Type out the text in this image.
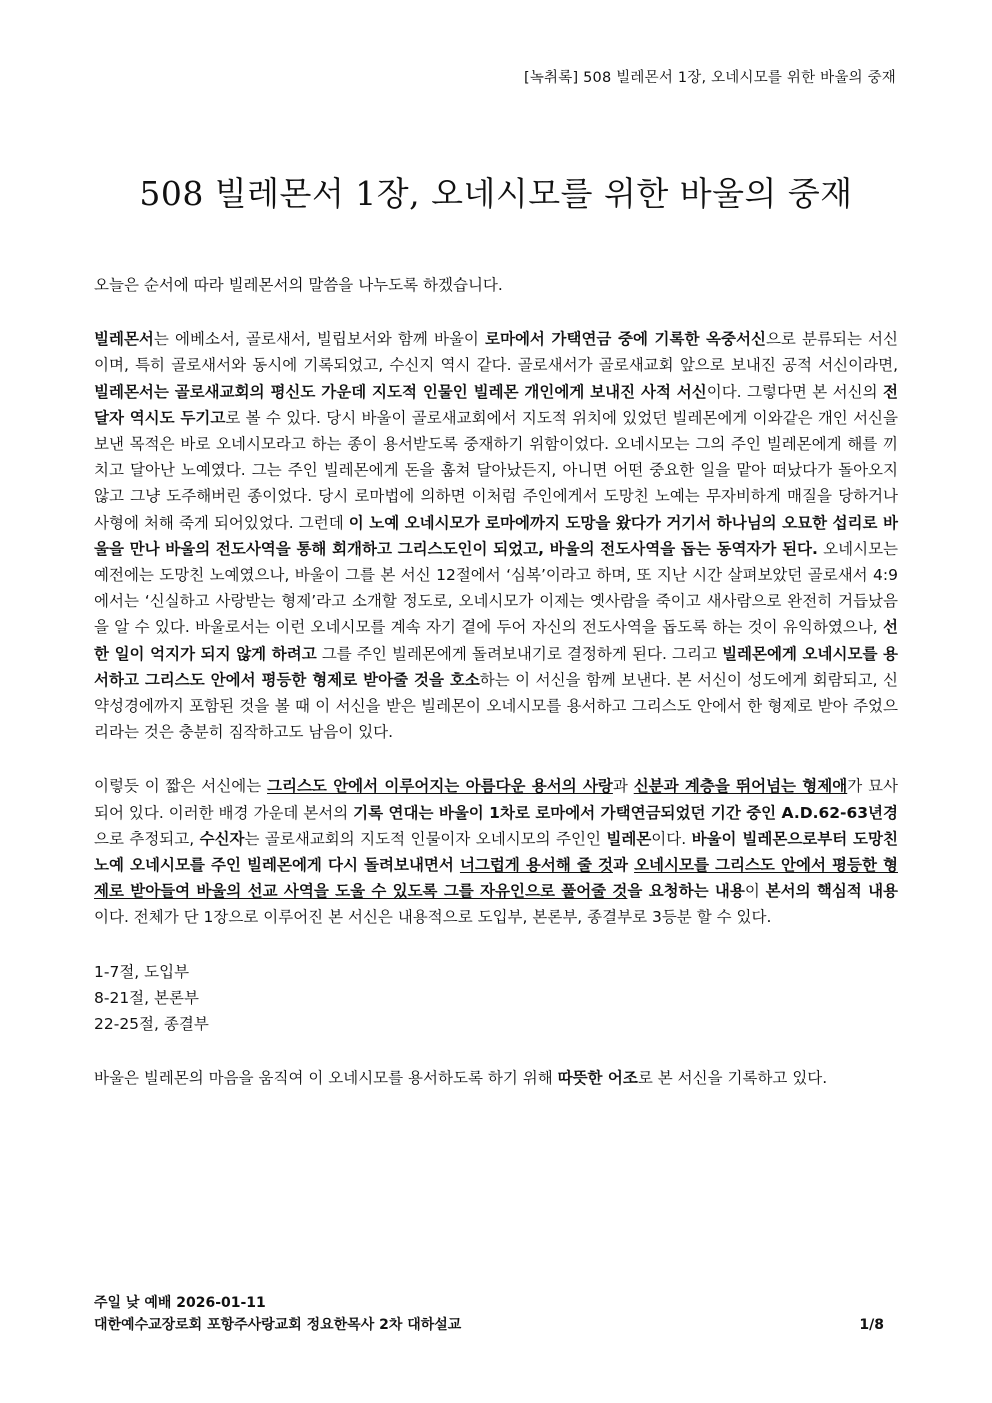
[녹취록] 508 빌레몬서 1장, 오네시모를 위한 바울의 중재
508 빌레몬서 1장, 오네시모를 위한 바울의 중재

오늘은 순서에 따라 빌레몬서의 말씀을 나누도록 하겠습니다.

빌레몬서는 에베소서, 골로새서, 빌립보서와 함께 바울이 로마에서 가택연금 중에 기록한 옥중서신으로 분류되는 서신이며, 특히 골로새서와 동시에 기록되었고, 수신지 역시 같다. 골로새서가 골로새교회 앞으로 보내진 공적 서신이라면, 빌레몬서는 골로새교회의 평신도 가운데 지도적 인물인 빌레몬 개인에게 보내진 사적 서신이다. 그렇다면 본 서신의 전달자 역시도 두기고로 볼 수 있다. 당시 바울이 골로새교회에서 지도적 위치에 있었던 빌레몬에게 이와같은 개인 서신을 보낸 목적은 바로 오네시모라고 하는 종이 용서받도록 중재하기 위함이었다. 오네시모는 그의 주인 빌레몬에게 해를 끼치고 달아난 노예였다. 그는 주인 빌레몬에게 돈을 훔쳐 달아났든지, 아니면 어떤 중요한 일을 맡아 떠났다가 돌아오지 않고 그냥 도주해버린 종이었다. 당시 로마법에 의하면 이처럼 주인에게서 도망친 노예는 무자비하게 매질을 당하거나 사형에 처해 죽게 되어있었다. 그런데 이 노예 오네시모가 로마에까지 도망을 왔다가 거기서 하나님의 오묘한 섭리로 바울을 만나 바울의 전도사역을 통해 회개하고 그리스도인이 되었고, 바울의 전도사역을 돕는 동역자가 된다. 오네시모는 예전에는 도망친 노예였으나, 바울이 그를 본 서신 12절에서 ‘심복’이라고 하며, 또 지난 시간 살펴보았던 골로새서 4:9에서는 ‘신실하고 사랑받는 형제’라고 소개할 정도로, 오네시모가 이제는 옛사람을 죽이고 새사람으로 완전히 거듭났음을 알 수 있다. 바울로서는 이런 오네시모를 계속 자기 곁에 두어 자신의 전도사역을 돕도록 하는 것이 유익하였으나, 선한 일이 억지가 되지 않게 하려고 그를 주인 빌레몬에게 돌려보내기로 결정하게 된다. 그리고 빌레몬에게 오네시모를 용서하고 그리스도 안에서 평등한 형제로 받아줄 것을 호소하는 이 서신을 함께 보낸다. 본 서신이 성도에게 회람되고, 신약성경에까지 포함된 것을 볼 때 이 서신을 받은 빌레몬이 오네시모를 용서하고 그리스도 안에서 한 형제로 받아 주었으리라는 것은 충분히 짐작하고도 남음이 있다.

이렇듯 이 짧은 서신에는 그리스도 안에서 이루어지는 아름다운 용서의 사랑과 신분과 계층을 뛰어넘는 형제애가 묘사되어 있다. 이러한 배경 가운데 본서의 기록 연대는 바울이 1차로 로마에서 가택연금되었던 기간 중인 A.D.62-63년경으로 추정되고, 수신자는 골로새교회의 지도적 인물이자 오네시모의 주인인 빌레몬이다. 바울이 빌레몬으로부터 도망친 노예 오네시모를 주인 빌레몬에게 다시 돌려보내면서 너그럽게 용서해 줄 것과 오네시모를 그리스도 안에서 평등한 형제로 받아들여 바울의 선교 사역을 도울 수 있도록 그를 자유인으로 풀어줄 것을 요청하는 내용이 본서의 핵심적 내용이다. 전체가 단 1장으로 이루어진 본 서신은 내용적으로 도입부, 본론부, 종결부로 3등분 할 수 있다.

1-7절, 도입부
8-21절, 본론부
22-25절, 종결부

바울은 빌레몬의 마음을 움직여 이 오네시모를 용서하도록 하기 위해 따뜻한 어조로 본 서신을 기록하고 있다.

주일 낮 예배 2026-01-11
대한예수교장로회 포항주사랑교회 정요한목사 2차 대하설교	1/8
